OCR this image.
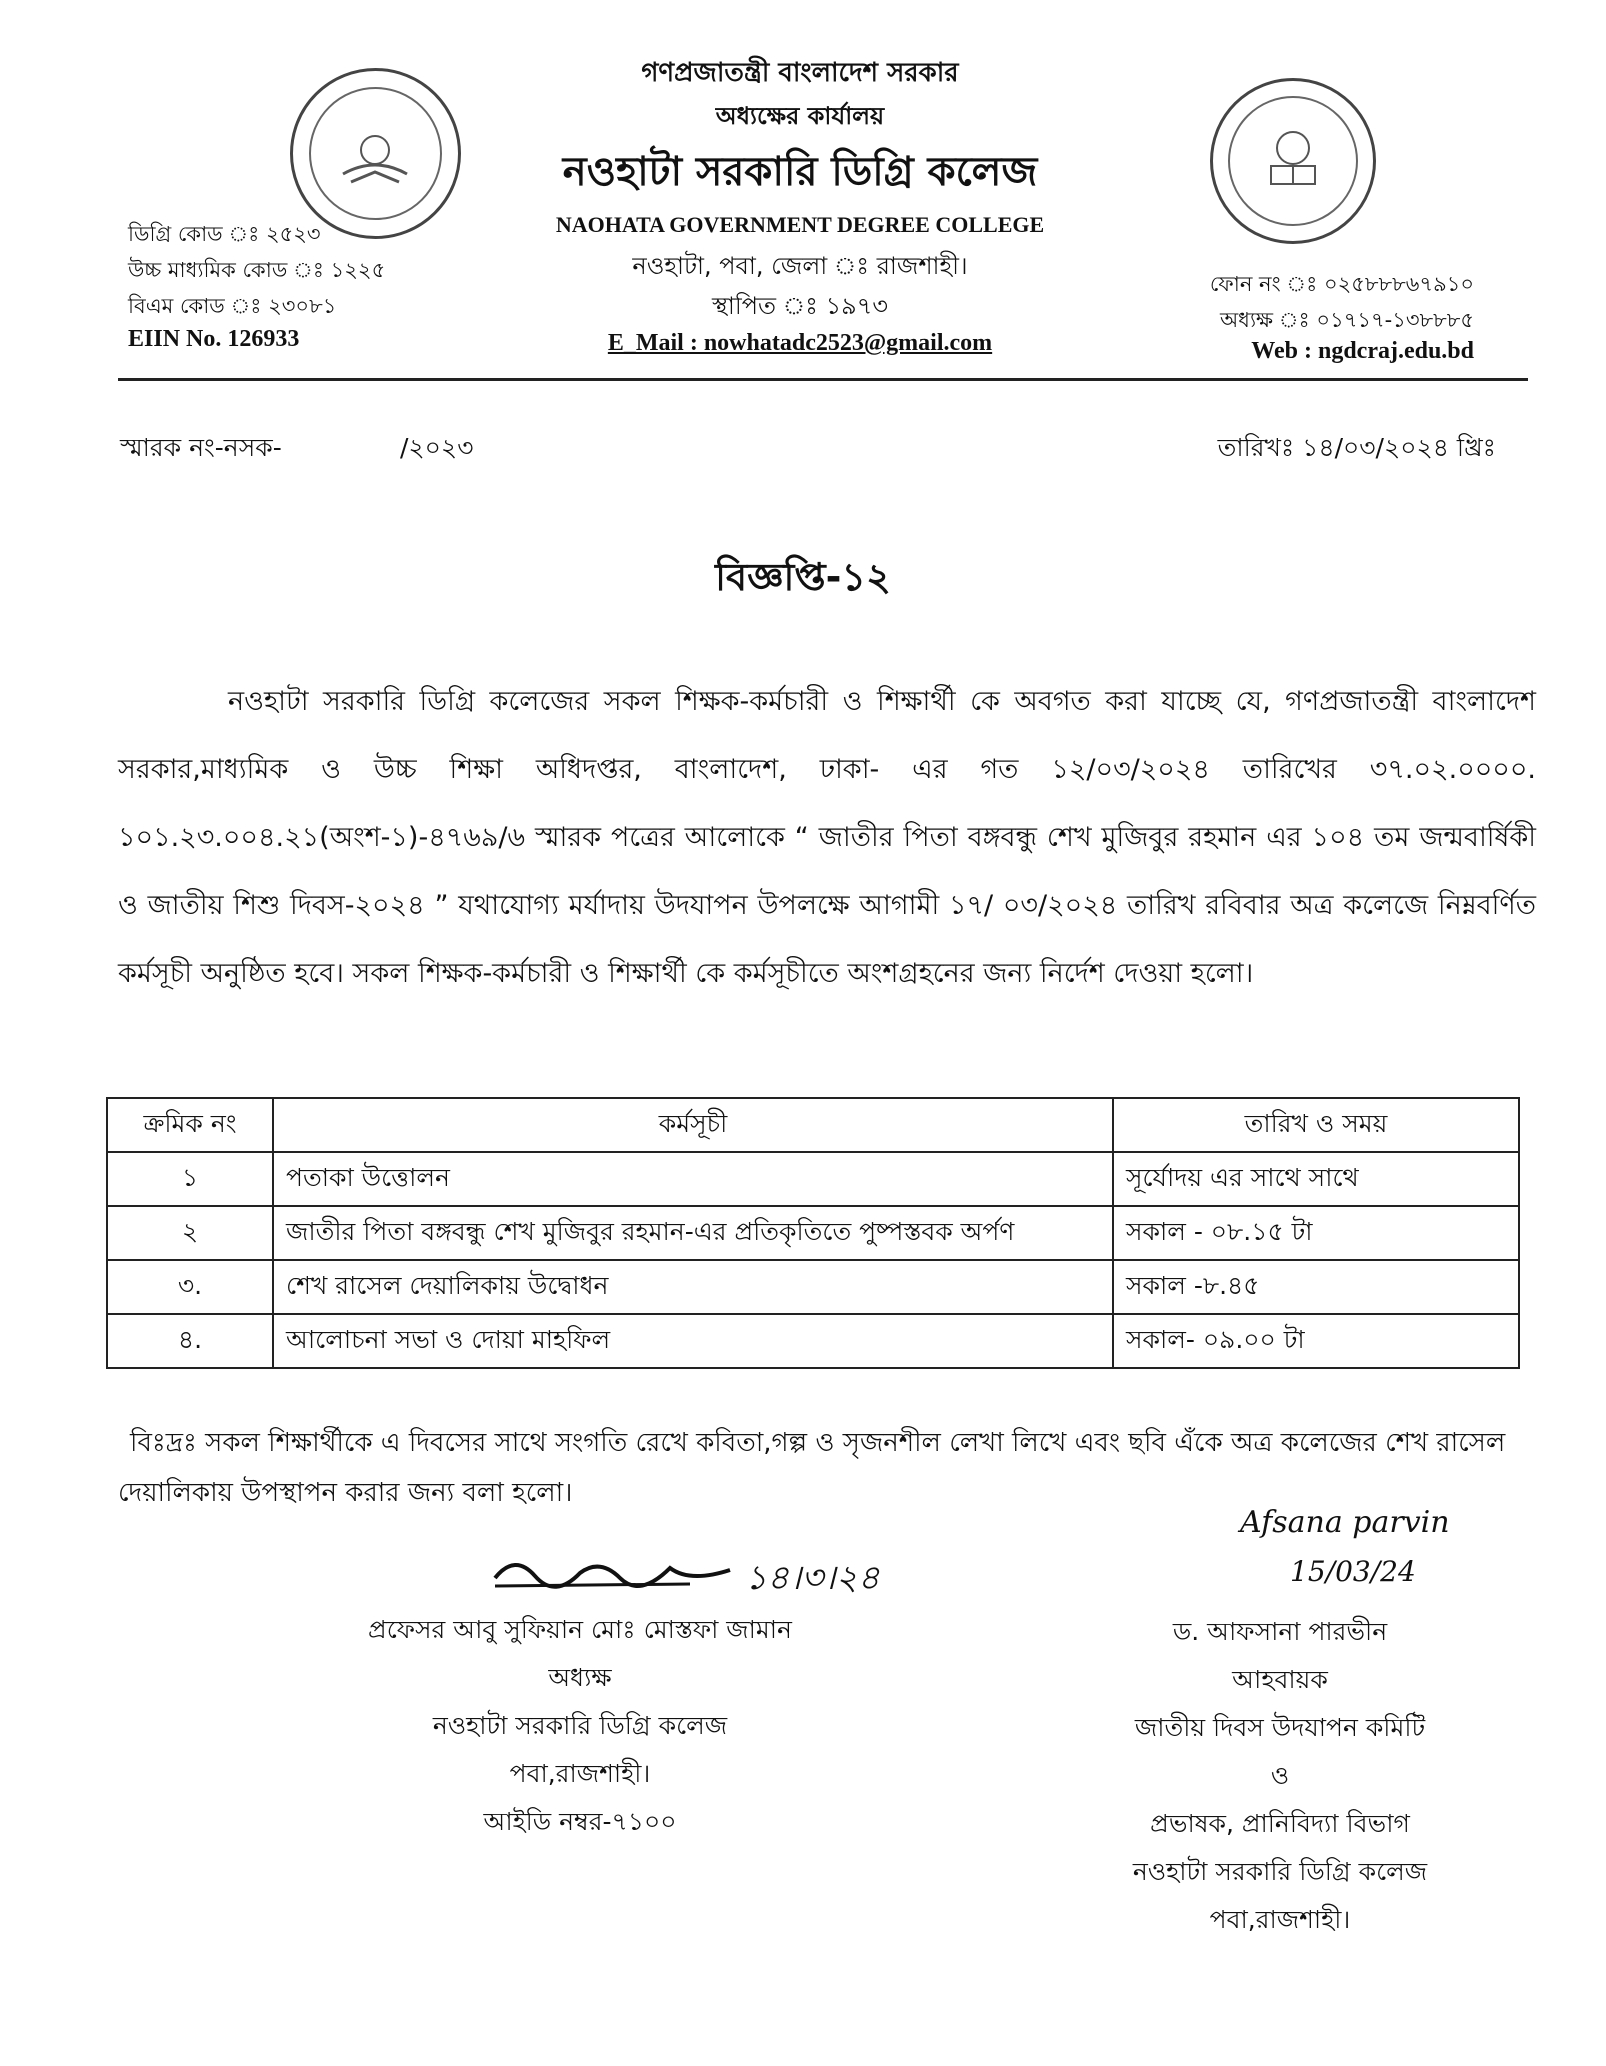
গণপ্রজাতন্ত্রী বাংলাদেশ সরকার
অধ্যক্ষের কার্যালয়
নওহাটা সরকারি ডিগ্রি কলেজ
NAOHATA GOVERNMENT DEGREE COLLEGE
নওহাটা, পবা, জেলা ঃ রাজশাহী।
স্থাপিত ঃ ১৯৭৩
E_Mail : nowhatadc2523@gmail.com
ডিগ্রি কোড ঃ ২৫২৩
উচ্চ মাধ্যমিক কোড ঃ ১২২৫
বিএম কোড ঃ ২৩০৮১
EIIN No. 126933
ফোন নং ঃ ০২৫৮৮৮৬৭৯১০
অধ্যক্ষ ঃ ০১৭১৭-১৩৮৮৮৫
Web : ngdcraj.edu.bd
স্মারক নং-নসক-	/২০২৩	তারিখঃ ১৪/০৩/২০২৪ খ্রিঃ
বিজ্ঞপ্তি-১২
নওহাটা সরকারি ডিগ্রি কলেজের সকল শিক্ষক-কর্মচারী ও শিক্ষার্থী কে অবগত করা যাচ্ছে যে, গণপ্রজাতন্ত্রী বাংলাদেশ সরকার,মাধ্যমিক ও উচ্চ শিক্ষা অধিদপ্তর, বাংলাদেশ, ঢাকা- এর গত ১২/০৩/২০২৪ তারিখের ৩৭.০২.০০০০. ১০১.২৩.০০৪.২১(অংশ-১)-৪৭৬৯/৬ স্মারক পত্রের আলোকে “ জাতীর পিতা বঙ্গবন্ধু শেখ মুজিবুর রহমান এর ১০৪ তম জন্মবার্ষিকী ও জাতীয় শিশু দিবস-২০২৪ ” যথাযোগ্য মর্যাদায় উদযাপন উপলক্ষে আগামী ১৭/ ০৩/২০২৪ তারিখ রবিবার অত্র কলেজে নিম্নবর্ণিত কর্মসূচী অনুষ্ঠিত হবে। সকল শিক্ষক-কর্মচারী ও শিক্ষার্থী কে কর্মসূচীতে অংশগ্রহনের জন্য নির্দেশ দেওয়া হলো।
ক্রমিক নং	কর্মসূচী	তারিখ ও সময়
১	পতাকা উত্তোলন	সূর্যোদয় এর সাথে সাথে
২	জাতীর পিতা বঙ্গবন্ধু শেখ মুজিবুর রহমান-এর প্রতিকৃতিতে পুষ্পস্তবক অর্পণ	সকাল - ০৮.১৫ টা
৩.	শেখ রাসেল দেয়ালিকায় উদ্বোধন	সকাল -৮.৪৫
৪.	আলোচনা সভা ও দোয়া মাহফিল	সকাল- ০৯.০০ টা
বিঃদ্রঃ সকল শিক্ষার্থীকে এ দিবসের সাথে সংগতি রেখে কবিতা,গল্প ও সৃজনশীল লেখা লিখে এবং ছবি এঁকে অত্র কলেজের শেখ রাসেল দেয়ালিকায় উপস্থাপন করার জন্য বলা হলো।
১৪।৩।২৪
Afsana parvin
15/03/24
প্রফেসর আবু সুফিয়ান মোঃ মোস্তফা জামান
অধ্যক্ষ
নওহাটা সরকারি ডিগ্রি কলেজ
পবা,রাজশাহী।
আইডি নম্বর-৭১০০
ড. আফসানা পারভীন
আহবায়ক
জাতীয় দিবস উদযাপন কমিটি
ও
প্রভাষক, প্রানিবিদ্যা বিভাগ
নওহাটা সরকারি ডিগ্রি কলেজ
পবা,রাজশাহী।
